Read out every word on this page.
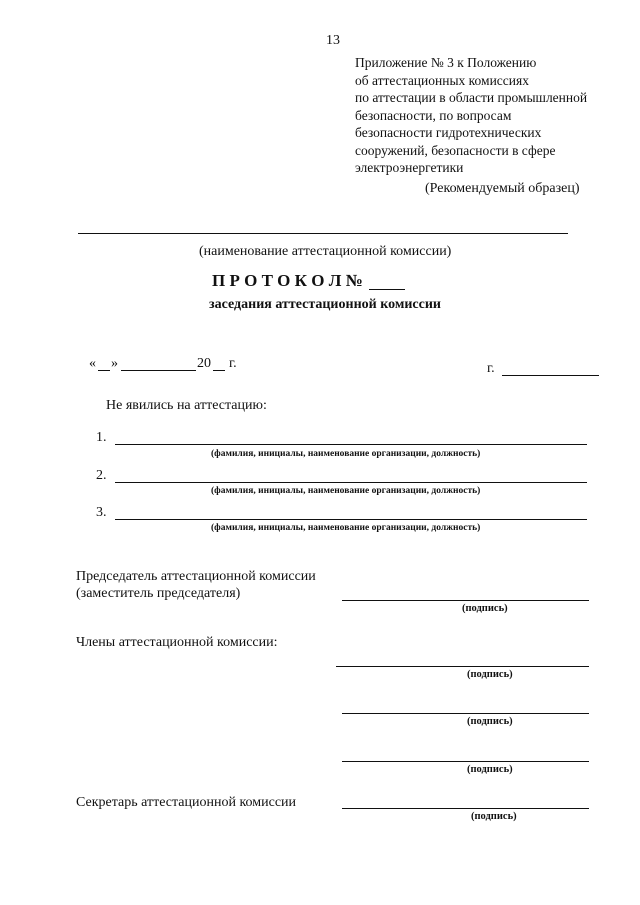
13
Приложение № 3 к Положению
об аттестационных комиссиях
по аттестации в области промышленной
безопасности, по вопросам
безопасности гидротехнических
сооружений, безопасности в сфере
электроэнергетики
(Рекомендуемый образец)
(наименование аттестационной комиссии)
П Р О Т О К О Л №
заседания аттестационной комиссии
« »	20 г.	г.
Не явились на аттестацию:
1.
(фамилия, инициалы, наименование организации, должность)
2.
(фамилия, инициалы, наименование организации, должность)
3.
(фамилия, инициалы, наименование организации, должность)
Председатель аттестационной комиссии
(заместитель председателя)
(подпись)
Члены аттестационной комиссии:
(подпись)
(подпись)
(подпись)
Секретарь аттестационной комиссии
(подпись)
